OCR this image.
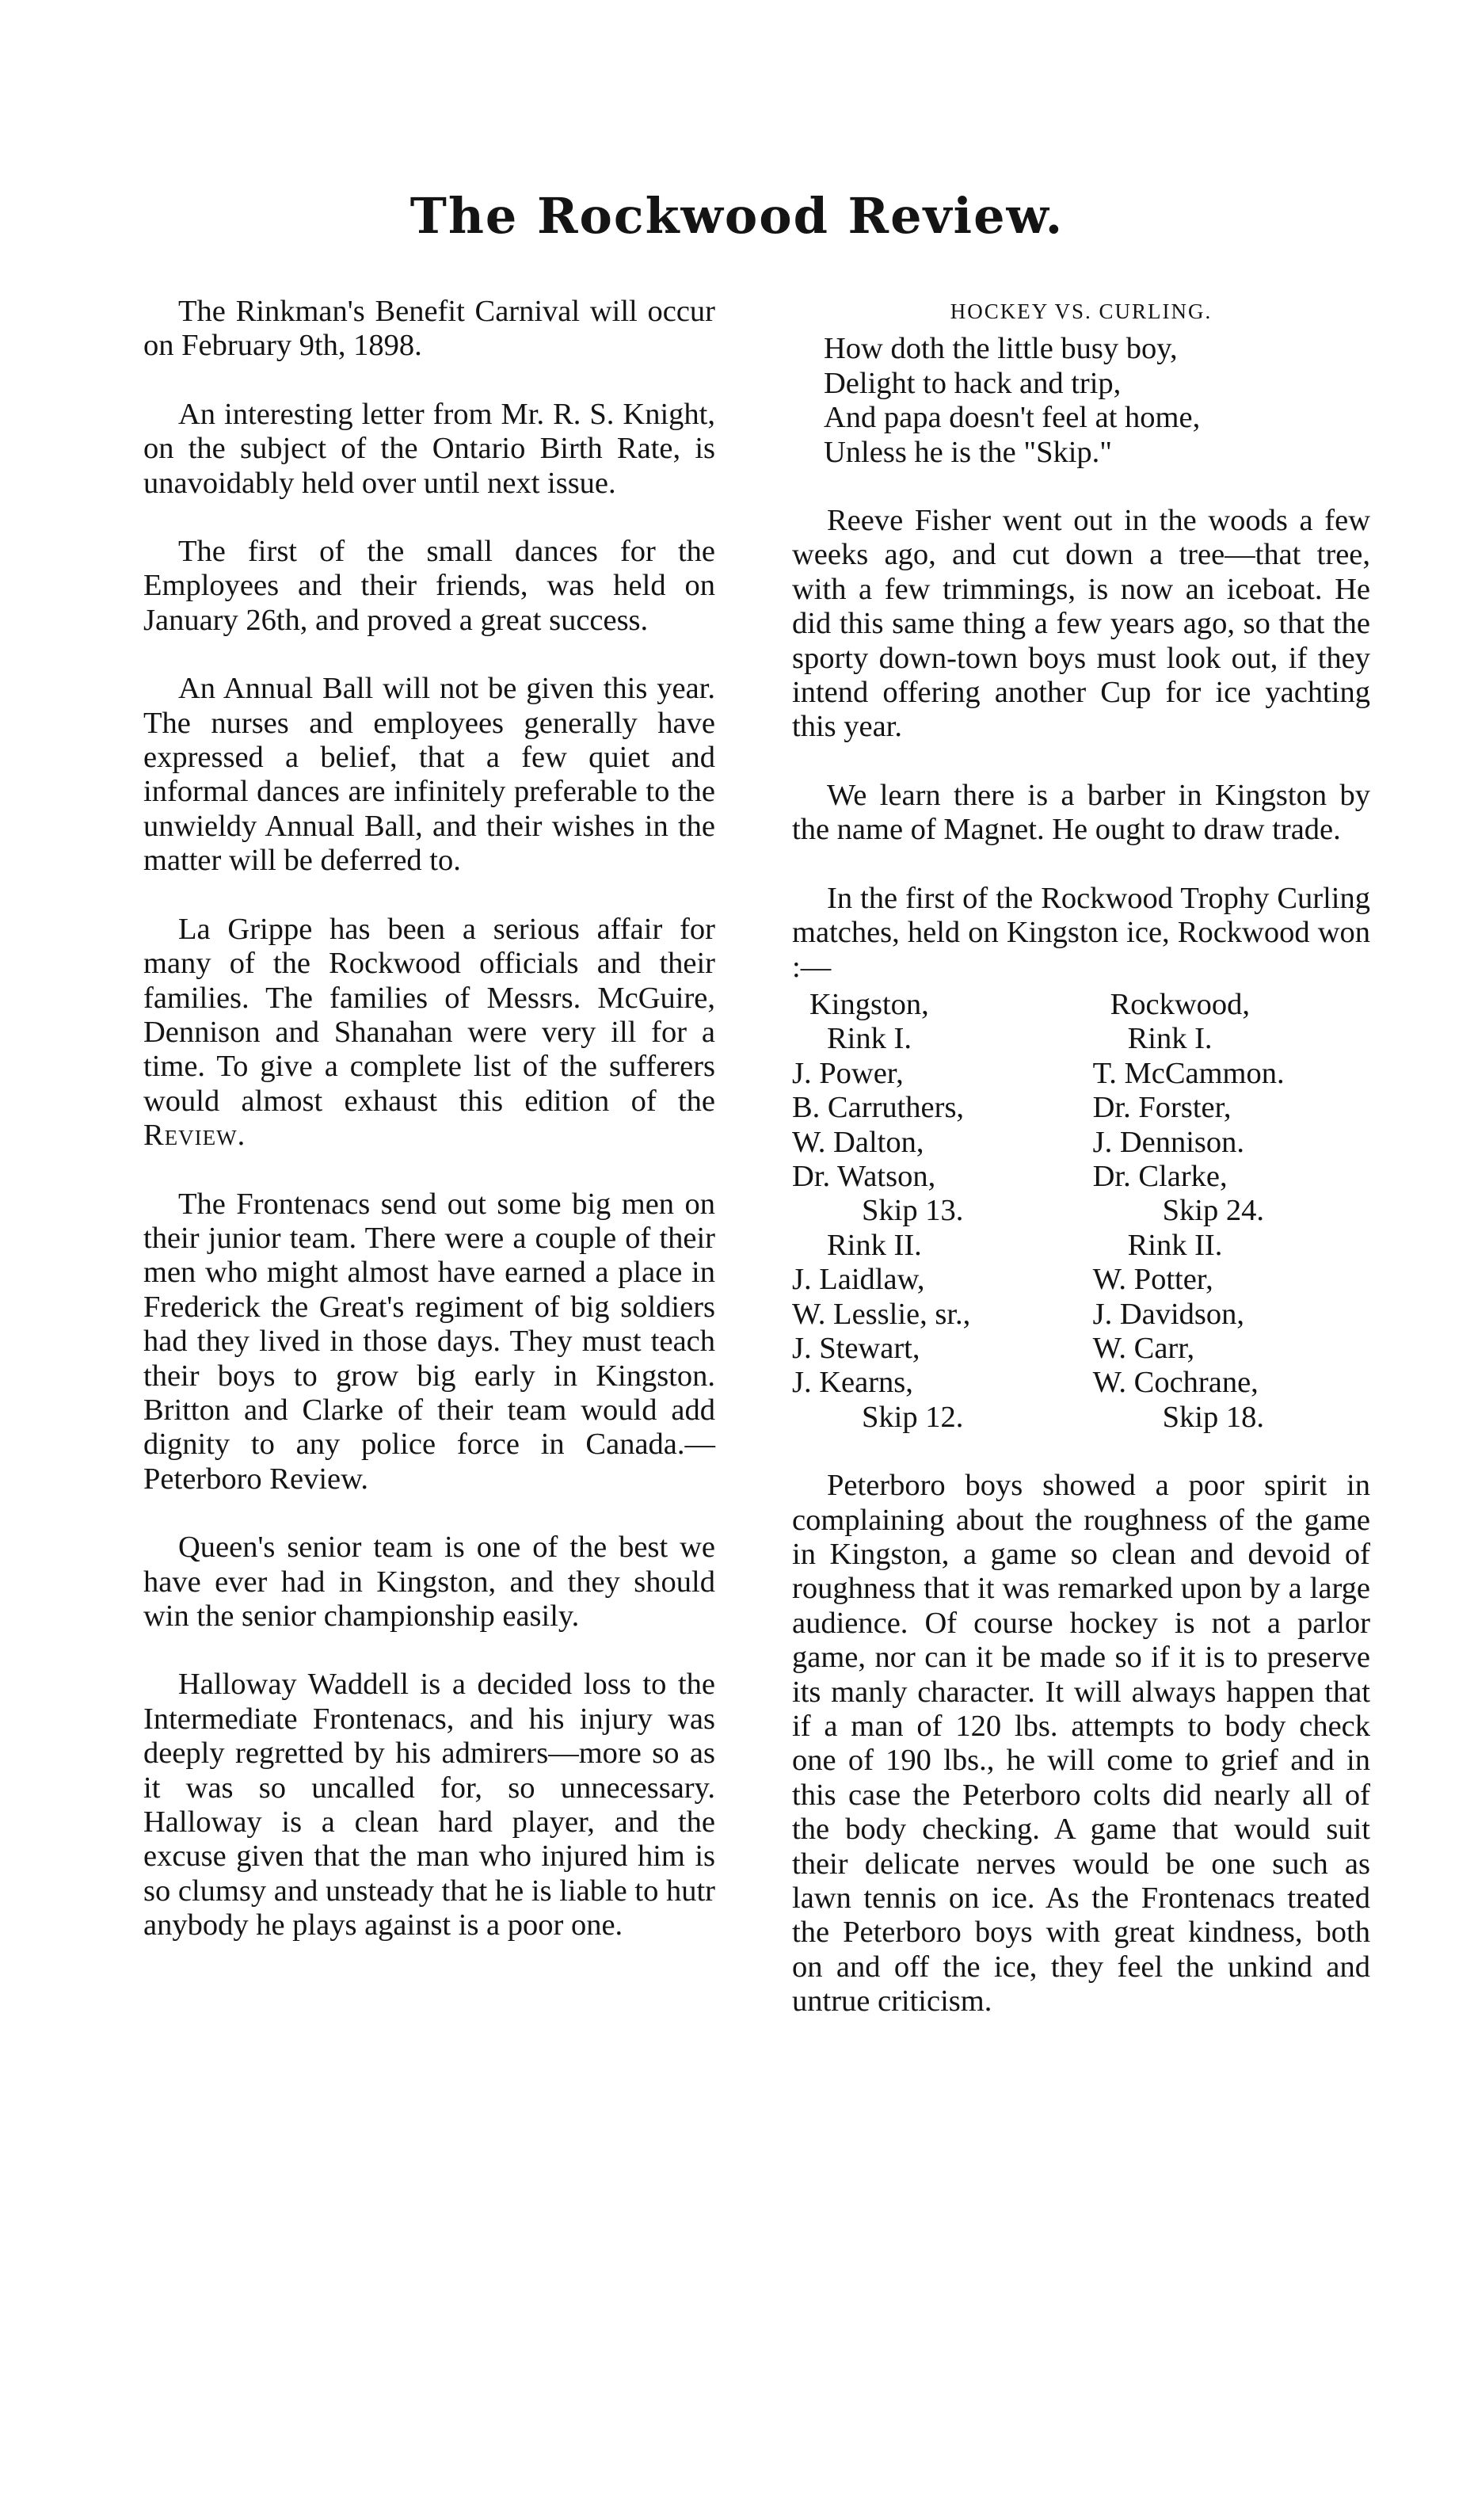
The Rockwood Review.

The Rinkman's Benefit Carnival will occur on February 9th, 1898.

An interesting letter from Mr. R. S. Knight, on the subject of the Ontario Birth Rate, is unavoidably held over until next issue.

The first of the small dances for the Employees and their friends, was held on January 26th, and proved a great success.

An Annual Ball will not be given this year. The nurses and employees generally have expressed a belief, that a few quiet and informal dances are infinitely preferable to the unwieldy Annual Ball, and their wishes in the matter will be deferred to.

La Grippe has been a serious affair for many of the Rockwood officials and their families. The families of Messrs. McGuire, Dennison and Shanahan were very ill for a time. To give a complete list of the sufferers would almost exhaust this edition of the Review.

The Frontenacs send out some big men on their junior team. There were a couple of their men who might almost have earned a place in Frederick the Great's regiment of big soldiers had they lived in those days. They must teach their boys to grow big early in Kingston. Britton and Clarke of their team would add dignity to any police force in Canada.—Peterboro Review.

Queen's senior team is one of the best we have ever had in Kingston, and they should win the senior championship easily.

Halloway Waddell is a decided loss to the Intermediate Frontenacs, and his injury was deeply regretted by his admirers—more so as it was so uncalled for, so unnecessary. Halloway is a clean hard player, and the excuse given that the man who injured him is so clumsy and unsteady that he is liable to hutr anybody he plays against is a poor one.

HOCKEY VS. CURLING.
How doth the little busy boy,
Delight to hack and trip,
And papa doesn't feel at home,
Unless he is the "Skip."

Reeve Fisher went out in the woods a few weeks ago, and cut down a tree—that tree, with a few trimmings, is now an iceboat. He did this same thing a few years ago, so that the sporty down-town boys must look out, if they intend offering another Cup for ice yachting this year.

We learn there is a barber in Kingston by the name of Magnet. He ought to draw trade.

In the first of the Rockwood Trophy Curling matches, held on Kingston ice, Rockwood won :—

Kingston,
Rink I.
J. Power,
B. Carruthers,
W. Dalton,
Dr. Watson,
Skip 13.
Rink II.
J. Laidlaw,
W. Lesslie, sr.,
J. Stewart,
J. Kearns,
Skip 12.
Rockwood,
Rink I.
T. McCammon.
Dr. Forster,
J. Dennison.
Dr. Clarke,
Skip 24.
Rink II.
W. Potter,
J. Davidson,
W. Carr,
W. Cochrane,
Skip 18.

Peterboro boys showed a poor spirit in complaining about the roughness of the game in Kingston, a game so clean and devoid of roughness that it was remarked upon by a large audience. Of course hockey is not a parlor game, nor can it be made so if it is to preserve its manly character. It will always happen that if a man of 120 lbs. attempts to body check one of 190 lbs., he will come to grief and in this case the Peterboro colts did nearly all of the body checking. A game that would suit their delicate nerves would be one such as lawn tennis on ice. As the Frontenacs treated the Peterboro boys with great kindness, both on and off the ice, they feel the unkind and untrue criticism.
